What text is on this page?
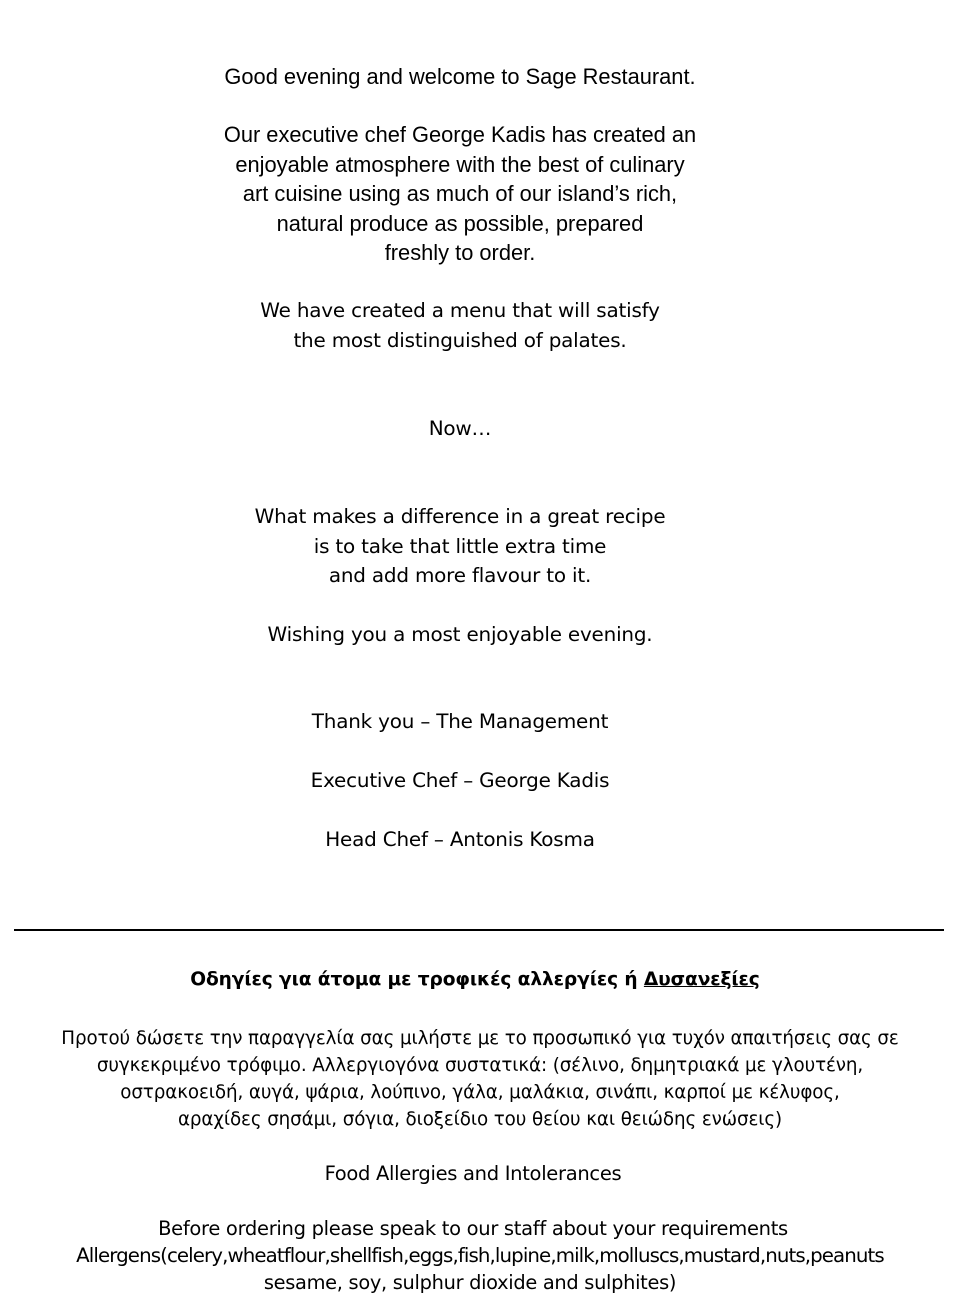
Good evening and welcome to Sage Restaurant.
Our executive chef George Kadis has created an
enjoyable atmosphere with the best of culinary
art cuisine using as much of our island’s rich,
natural produce as possible, prepared
freshly to order.
We have created a menu that will satisfy
the most distinguished of palates.
Now…
What makes a difference in a great recipe
is to take that little extra time
and add more flavour to it.
Wishing you a most enjoyable evening.
Thank you – The Management
Executive Chef – George Kadis
Head Chef – Antonis Kosma
Οδηγίες για άτομα με τροφικές αλλεργίες ή Δυσανεξίες
Προτού δώσετε την παραγγελία σας μιλήστε με το προσωπικό για τυχόν απαιτήσεις σας σε
συγκεκριμένο τρόφιμο. Αλλεργιογόνα συστατικά: (σέλινο, δημητριακά με γλουτένη,
οστρακοειδή, αυγά, ψάρια, λούπινο, γάλα, μαλάκια, σινάπι, καρποί με κέλυφος,
αραχίδες σησάμι, σόγια, διοξείδιο του θείου και θειώδης ενώσεις)
Food Allergies and Intolerances
Before ordering please speak to our staff about your requirements
Allergens(celery,wheatflour,shellfish,eggs,fish,lupine,milk,molluscs,mustard,nuts,peanuts
sesame, soy, sulphur dioxide and sulphites)
